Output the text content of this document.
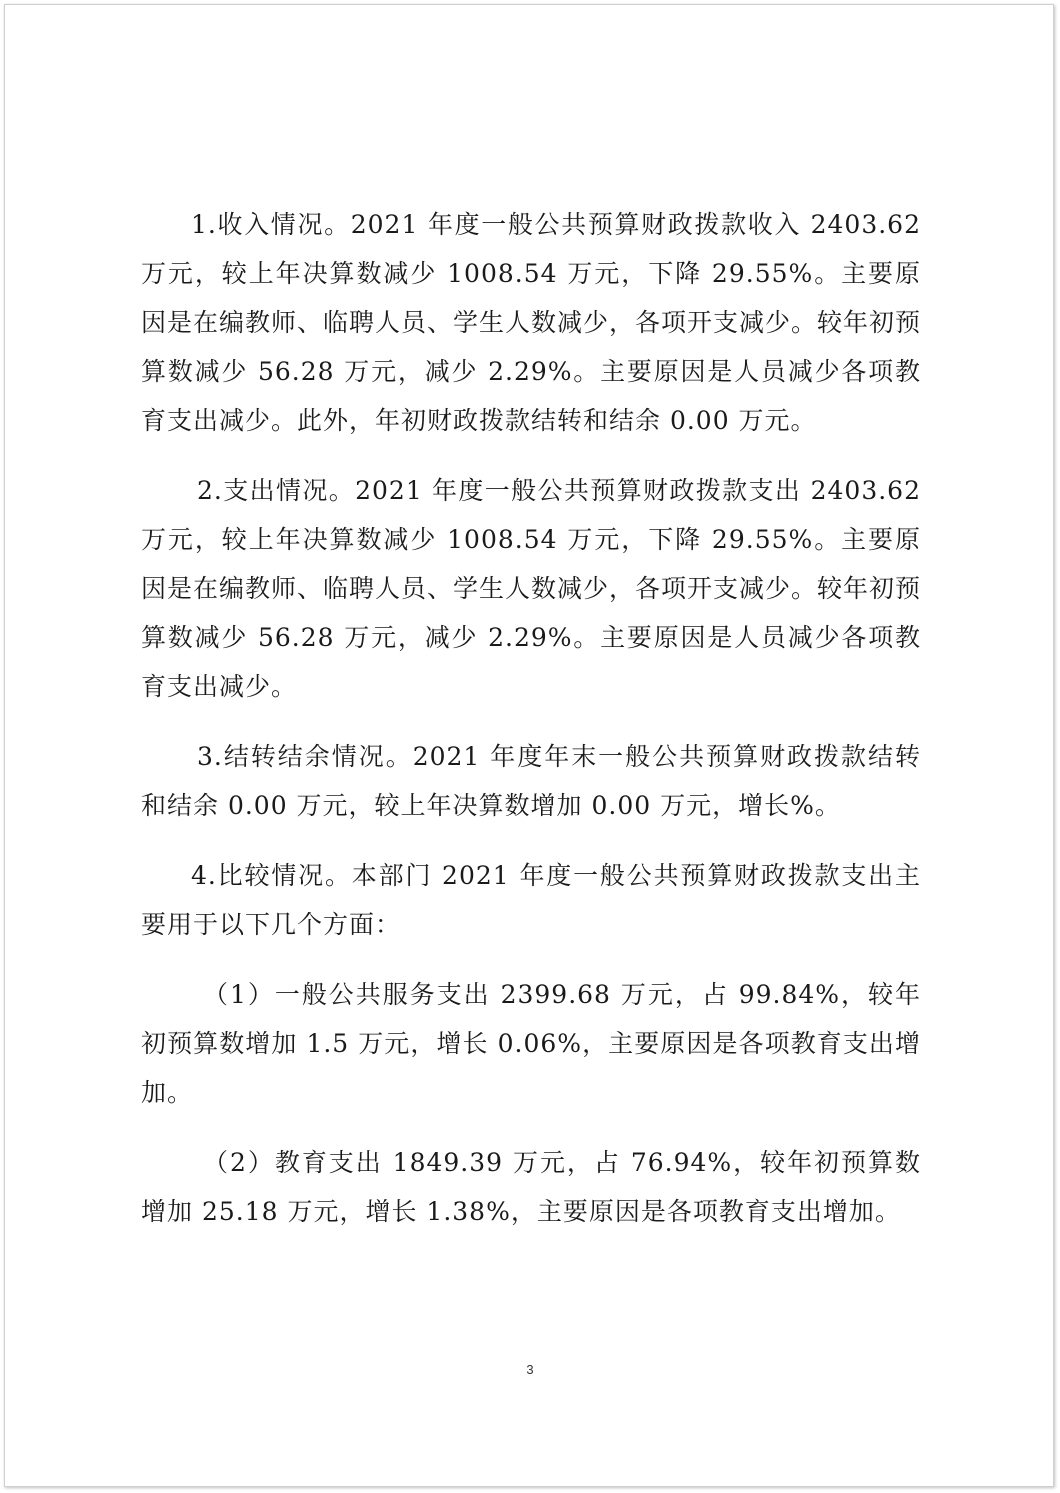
1.收入情况。2021 年度一般公共预算财政拨款收入 2403.62 万元，较上年决算数减少 1008.54 万元，下降 29.55%。主要原因是在编教师、临聘人员、学生人数减少，各项开支减少。较年初预算数减少 56.28 万元，减少 2.29%。主要原因是人员减少各项教育支出减少。此外，年初财政拨款结转和结余 0.00 万元。

2.支出情况。2021 年度一般公共预算财政拨款支出 2403.62 万元，较上年决算数减少 1008.54 万元，下降 29.55%。主要原因是在编教师、临聘人员、学生人数减少，各项开支减少。较年初预算数减少 56.28 万元，减少 2.29%。主要原因是人员减少各项教育支出减少。

3.结转结余情况。2021 年度年末一般公共预算财政拨款结转和结余 0.00 万元，较上年决算数增加 0.00 万元，增长%。

4.比较情况。本部门 2021 年度一般公共预算财政拨款支出主要用于以下几个方面：

（1）一般公共服务支出 2399.68 万元，占 99.84%，较年初预算数增加 1.5 万元，增长 0.06%，主要原因是各项教育支出增加。

（2）教育支出 1849.39 万元，占 76.94%，较年初预算数增加 25.18 万元，增长 1.38%，主要原因是各项教育支出增加。

3
